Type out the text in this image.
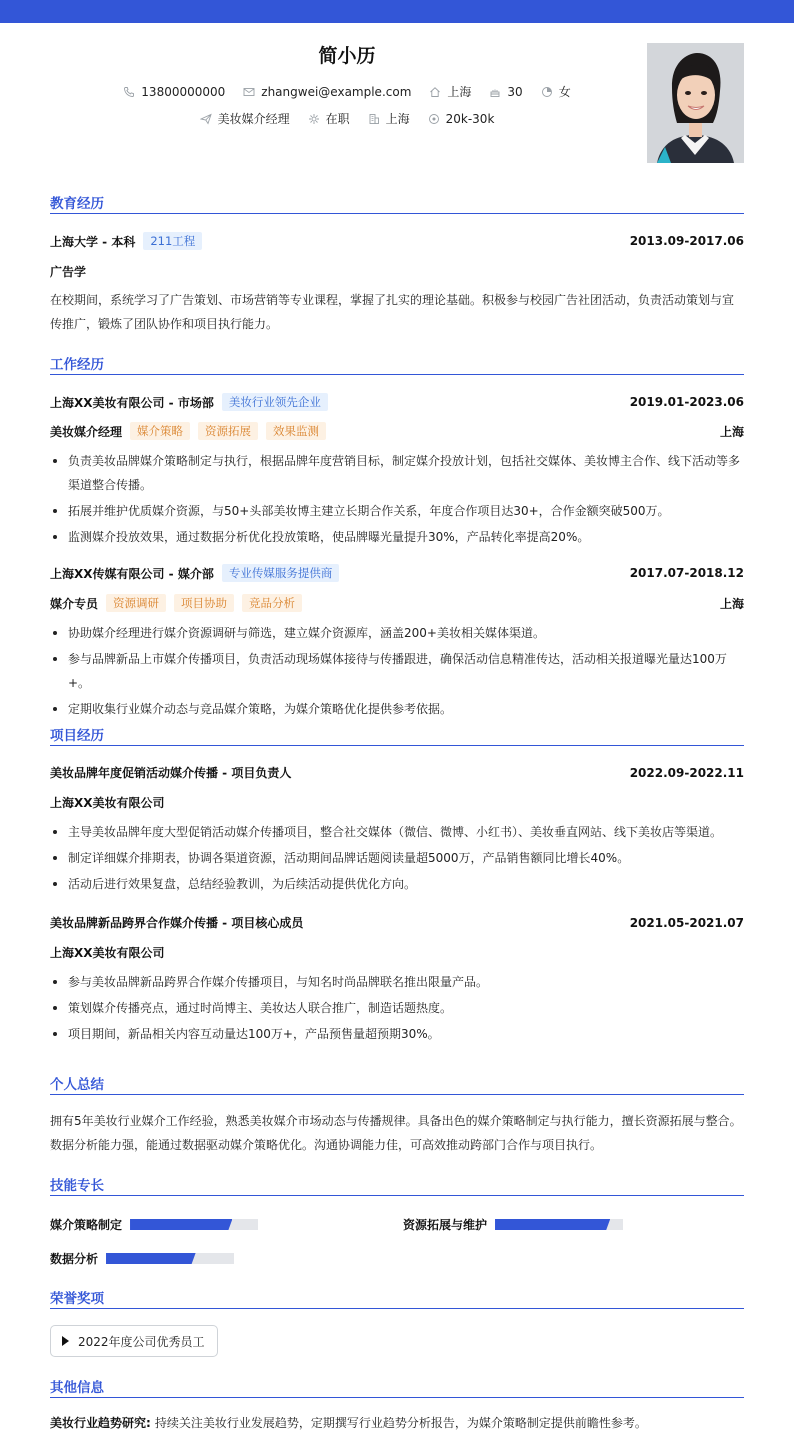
简小历
13800000000	zhangwei@example.com	上海	30	女
美妆媒介经理	在职	上海	20k-30k
教育经历
上海大学 - 本科	211工程	2013.09-2017.06
广告学
在校期间，系统学习了广告策划、市场营销等专业课程，掌握了扎实的理论基础。积极参与校园广告社团活动，负责活动策划与宣传推广，锻炼了团队协作和项目执行能力。
工作经历
上海XX美妆有限公司 - 市场部	美妆行业领先企业	2019.01-2023.06
美妆媒介经理	媒介策略	资源拓展	效果监测	上海
负责美妆品牌媒介策略制定与执行，根据品牌年度营销目标，制定媒介投放计划，包括社交媒体、美妆博主合作、线下活动等多渠道整合传播。
拓展并维护优质媒介资源，与50+头部美妆博主建立长期合作关系，年度合作项目达30+，合作金额突破500万。
监测媒介投放效果，通过数据分析优化投放策略，使品牌曝光量提升30%，产品转化率提高20%。
上海XX传媒有限公司 - 媒介部	专业传媒服务提供商	2017.07-2018.12
媒介专员	资源调研	项目协助	竞品分析	上海
协助媒介经理进行媒介资源调研与筛选，建立媒介资源库，涵盖200+美妆相关媒体渠道。
参与品牌新品上市媒介传播项目，负责活动现场媒体接待与传播跟进，确保活动信息精准传达，活动相关报道曝光量达100万+。
定期收集行业媒介动态与竞品媒介策略，为媒介策略优化提供参考依据。
项目经历
美妆品牌年度促销活动媒介传播 - 项目负责人	2022.09-2022.11
上海XX美妆有限公司
主导美妆品牌年度大型促销活动媒介传播项目，整合社交媒体（微信、微博、小红书）、美妆垂直网站、线下美妆店等渠道。
制定详细媒介排期表，协调各渠道资源，活动期间品牌话题阅读量超5000万，产品销售额同比增长40%。
活动后进行效果复盘，总结经验教训，为后续活动提供优化方向。
美妆品牌新品跨界合作媒介传播 - 项目核心成员	2021.05-2021.07
上海XX美妆有限公司
参与美妆品牌新品跨界合作媒介传播项目，与知名时尚品牌联名推出限量产品。
策划媒介传播亮点，通过时尚博主、美妆达人联合推广，制造话题热度。
项目期间，新品相关内容互动量达100万+，产品预售量超预期30%。
个人总结
拥有5年美妆行业媒介工作经验，熟悉美妆媒介市场动态与传播规律。具备出色的媒介策略制定与执行能力，擅长资源拓展与整合。数据分析能力强，能通过数据驱动媒介策略优化。沟通协调能力佳，可高效推动跨部门合作与项目执行。
技能专长
媒介策略制定	资源拓展与维护
数据分析
荣誉奖项
2022年度公司优秀员工
其他信息
美妆行业趋势研究: 持续关注美妆行业发展趋势，定期撰写行业趋势分析报告，为媒介策略制定提供前瞻性参考。
